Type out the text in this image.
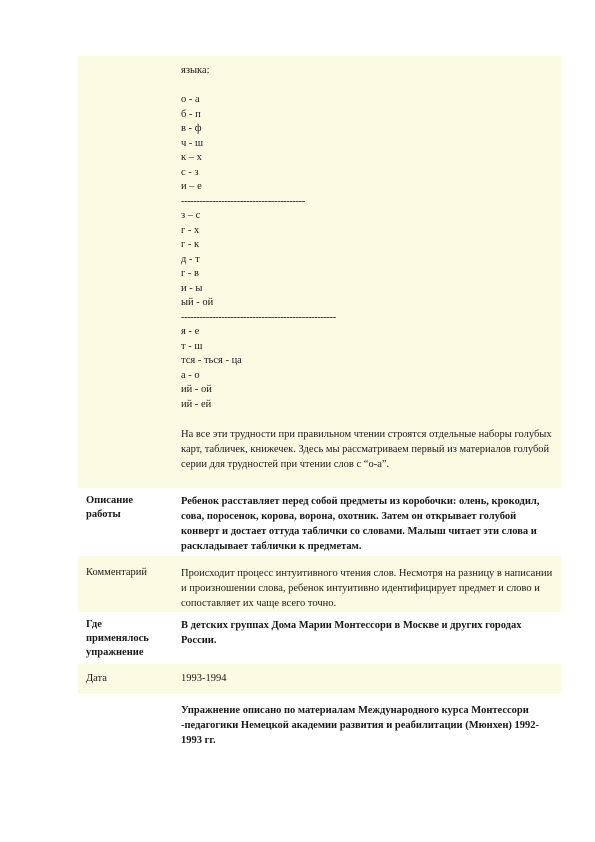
языка:
о - а
б - п
в - ф
ч - ш
к – х
с - з
и – е
----------------------------------------
з – с
г - х
г - к
д - т
г - в
и - ы
ый - ой
--------------------------------------------------
я - е
т - ш
тся - ться - ца
а - о
ий - ой
ий - ей
На все эти трудности при правильном чтении строятся отдельные наборы голубых карт, табличек, книжечек. Здесь мы рассматриваем первый из материалов голубой серии для трудностей при чтении слов с “о-а”.
Описание работы
Ребенок расставляет перед собой предметы из коробочки: олень, крокодил, сова, поросенок, корова, ворона, охотник. Затем он открывает голубой конверт и достает оттуда таблички со словами. Малыш читает эти слова и раскладывает таблички к предметам.
Комментарий	Происходит процесс интуитивного чтения слов. Несмотря на разницу в написании и произношении слова, ребенок интуитивно идентифицирует предмет и слово и сопоставляет их чаще всего точно.
Где применялось упражнение
В детских группах Дома Марии Монтессори в Москве и других городах России.
Дата	1993-1994
Упражнение описано по материалам Международного курса Монтессори -педагогики Немецкой академии развития и реабилитации (Мюнхен) 1992- 1993 гг.
